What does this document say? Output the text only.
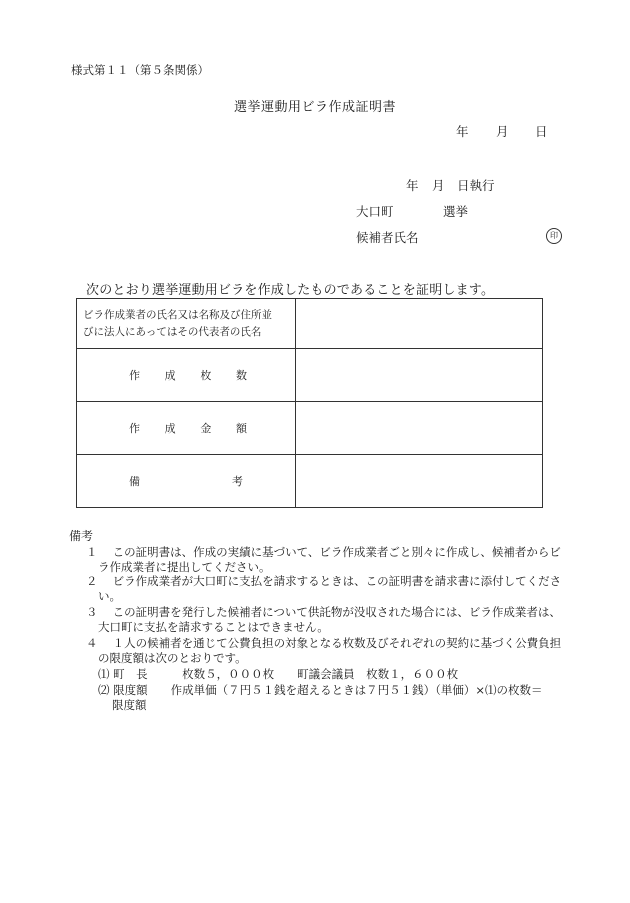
様式第１１（第５条関係）
選挙運動用ビラ作成証明書
年 月 日
年 月 日執行
大口町	選挙
候補者氏名	印
次のとおり選挙運動用ビラを作成したものであることを証明します。
ビラ作成業者の氏名又は名称及び住所並
びに法人にあってはその代表者の氏名	

作 成 枚 数	

作 成 金 額	

備 考	

備考
１　 この証明書は、作成の実績に基づいて、ビラ作成業者ごと別々に作成し、候補者からビ
ラ作成業者に提出してください。
２　 ビラ作成業者が大口町に支払を請求するときは、この証明書を請求書に添付してくださ
い。
３　 この証明書を発行した候補者について供託物が没収された場合には、ビラ作成業者は、
大口町に支払を請求することはできません。
４　 １人の候補者を通じて公費負担の対象となる枚数及びそれぞれの契約に基づく公費負担
の限度額は次のとおりです。
⑴ 町　長　　　枚数５，０００枚　　町議会議員　枚数１，６００枚
⑵ 限度額　　作成単価（７円５１銭を超えるときは７円５１銭）（単価）×⑴の枚数＝
限度額
